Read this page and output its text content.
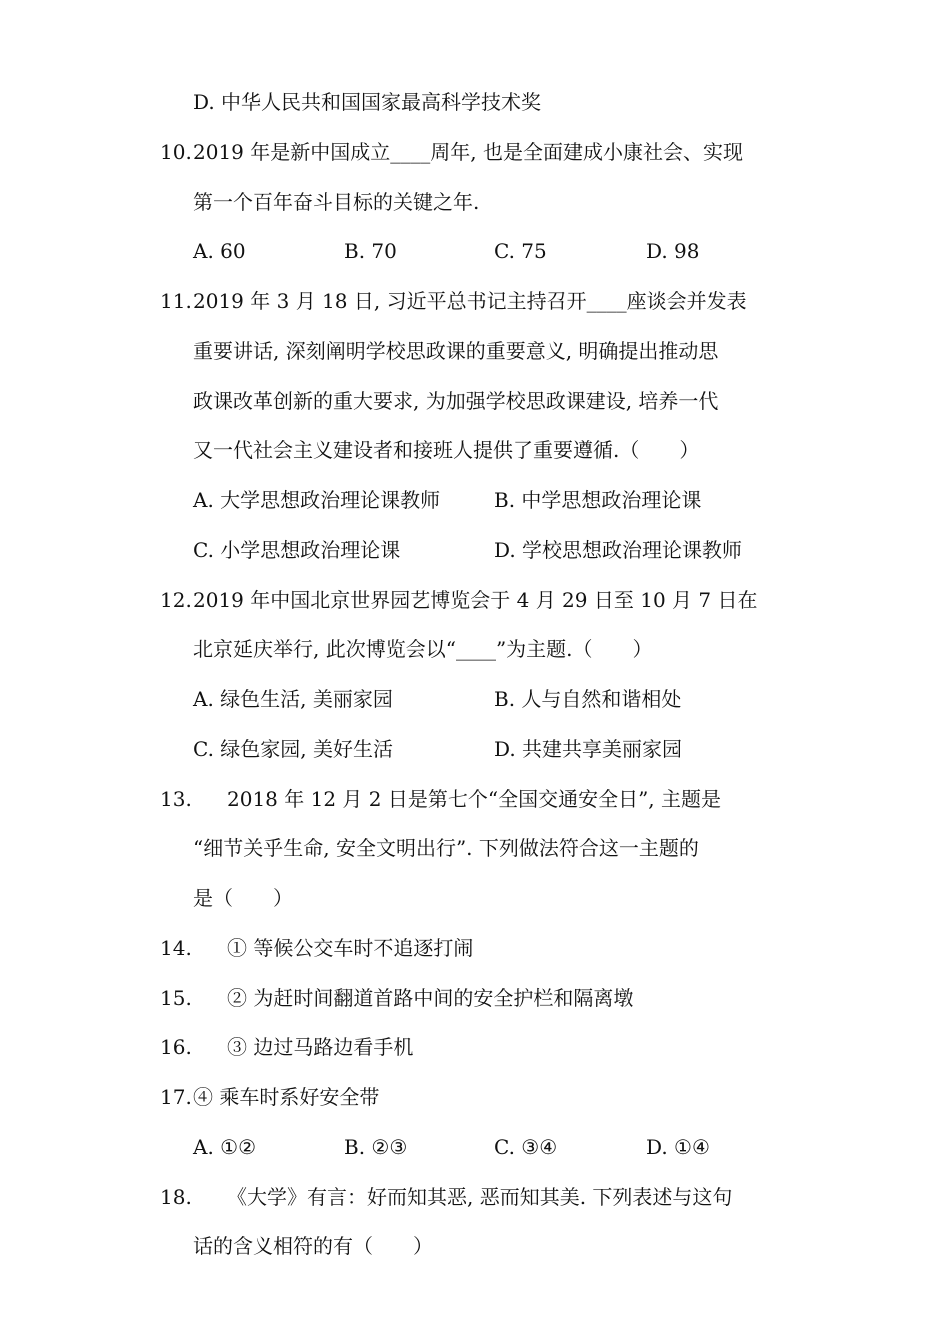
D. 中华人民共和国国家最高科学技术奖
10. 2019 年是新中国成立____周年, 也是全面建成小康社会、实现
第一个百年奋斗目标的关键之年.
A. 60	B. 70	C. 75	D. 98
11. 2019 年 3 月 18 日, 习近平总书记主持召开____座谈会并发表
重要讲话, 深刻阐明学校思政课的重要意义, 明确提出推动思
政课改革创新的重大要求, 为加强学校思政课建设, 培养一代
又一代社会主义建设者和接班人提供了重要遵循.（　　）
A. 大学思想政治理论课教师	B. 中学思想政治理论课
C. 小学思想政治理论课	D. 学校思想政治理论课教师
12. 2019 年中国北京世界园艺博览会于 4 月 29 日至 10 月 7 日在
北京延庆举行, 此次博览会以“____”为主题.（　　）
A. 绿色生活, 美丽家园	B. 人与自然和谐相处
C. 绿色家园, 美好生活	D. 共建共享美丽家园
13. 2018 年 12 月 2 日是第七个“全国交通安全日”, 主题是
“细节关乎生命, 安全文明出行”. 下列做法符合这一主题的
是（　　）
14. ① 等候公交车时不追逐打闹
15. ② 为赶时间翻道首路中间的安全护栏和隔离墩
16. ③ 边过马路边看手机
17. ④ 乘车时系好安全带
A. ①②	B. ②③	C. ③④	D. ①④
18. 《大学》有言：好而知其恶, 恶而知其美. 下列表述与这句
话的含义相符的有（　　）
